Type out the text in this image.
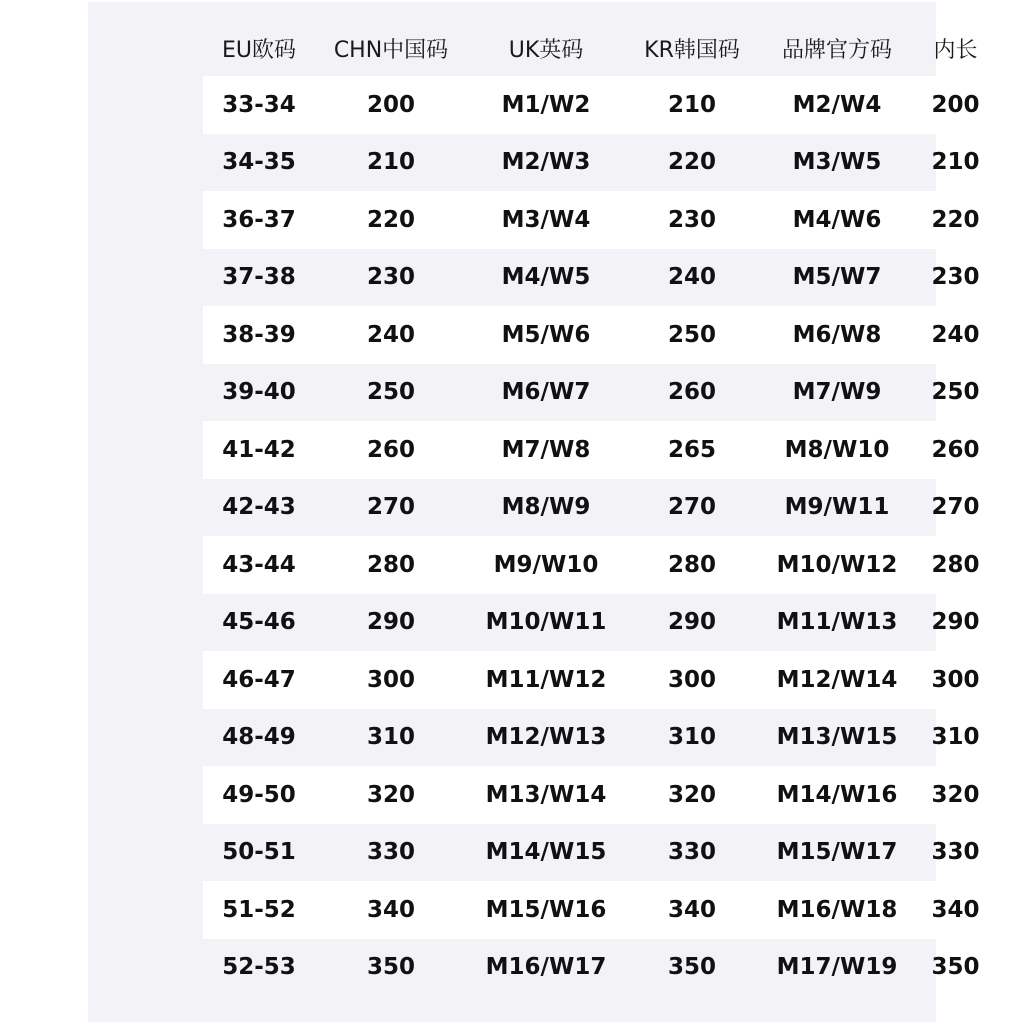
EU欧码	CHN中国码	UK英码	KR韩国码	品牌官方码	内长
33-34	200	M1/W2	210	M2/W4	200
34-35	210	M2/W3	220	M3/W5	210
36-37	220	M3/W4	230	M4/W6	220
37-38	230	M4/W5	240	M5/W7	230
38-39	240	M5/W6	250	M6/W8	240
39-40	250	M6/W7	260	M7/W9	250
41-42	260	M7/W8	265	M8/W10	260
42-43	270	M8/W9	270	M9/W11	270
43-44	280	M9/W10	280	M10/W12	280
45-46	290	M10/W11	290	M11/W13	290
46-47	300	M11/W12	300	M12/W14	300
48-49	310	M12/W13	310	M13/W15	310
49-50	320	M13/W14	320	M14/W16	320
50-51	330	M14/W15	330	M15/W17	330
51-52	340	M15/W16	340	M16/W18	340
52-53	350	M16/W17	350	M17/W19	350
